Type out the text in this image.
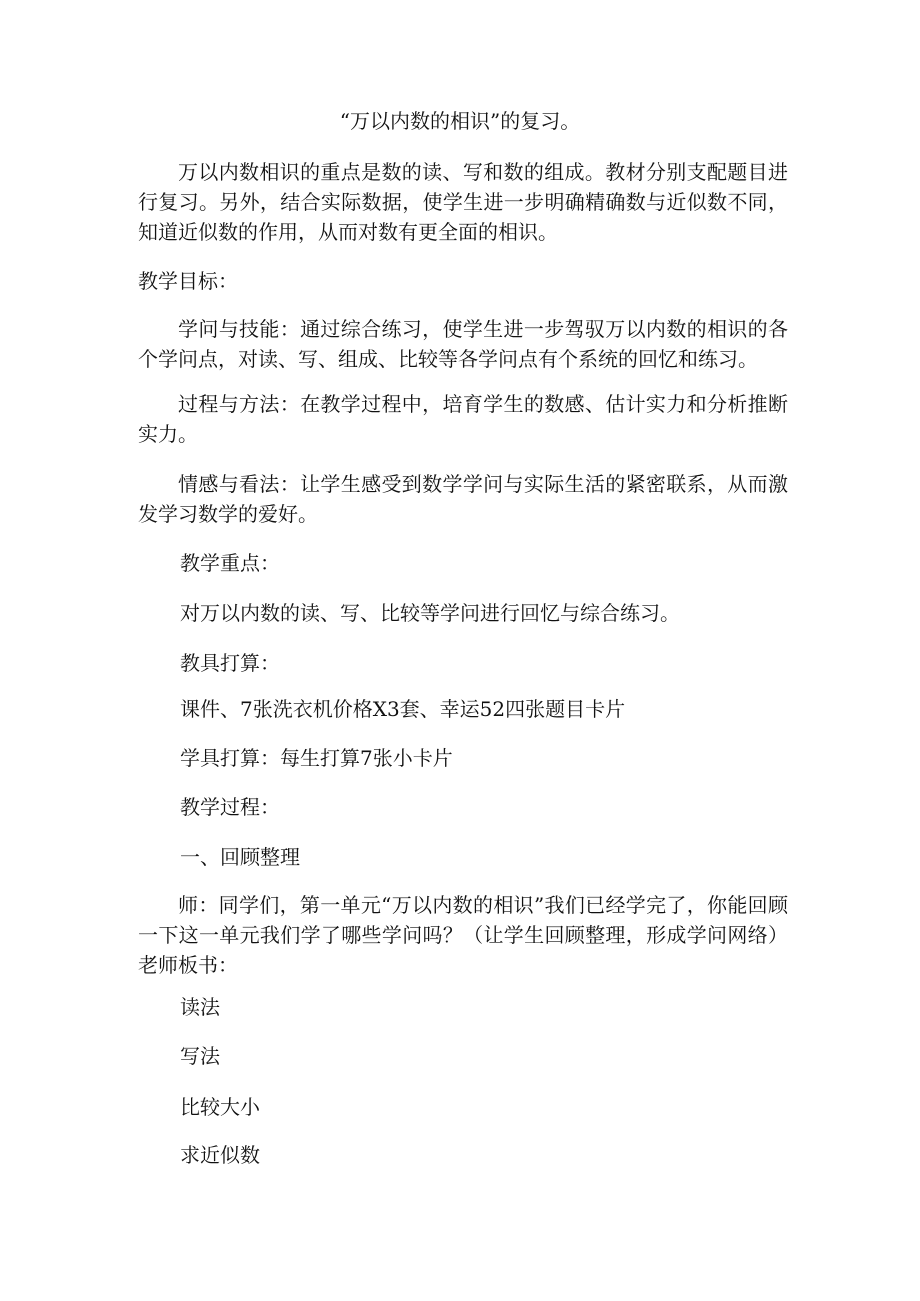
“万以内数的相识”的复习。

万以内数相识的重点是数的读、写和数的组成。教材分别支配题目进行复习。另外，结合实际数据，使学生进一步明确精确数与近似数不同，知道近似数的作用，从而对数有更全面的相识。

教学目标：

学问与技能：通过综合练习，使学生进一步驾驭万以内数的相识的各个学问点，对读、写、组成、比较等各学问点有个系统的回忆和练习。

过程与方法：在教学过程中，培育学生的数感、估计实力和分析推断实力。

情感与看法：让学生感受到数学学问与实际生活的紧密联系，从而激发学习数学的爱好。

教学重点：

对万以内数的读、写、比较等学问进行回忆与综合练习。

教具打算：

课件、7张洗衣机价格X3套、幸运52四张题目卡片

学具打算：每生打算7张小卡片

教学过程：

一、回顾整理

师：同学们，第一单元“万以内数的相识”我们已经学完了，你能回顾一下这一单元我们学了哪些学问吗？（让学生回顾整理，形成学问网络）老师板书：

读法

写法

比较大小

求近似数
